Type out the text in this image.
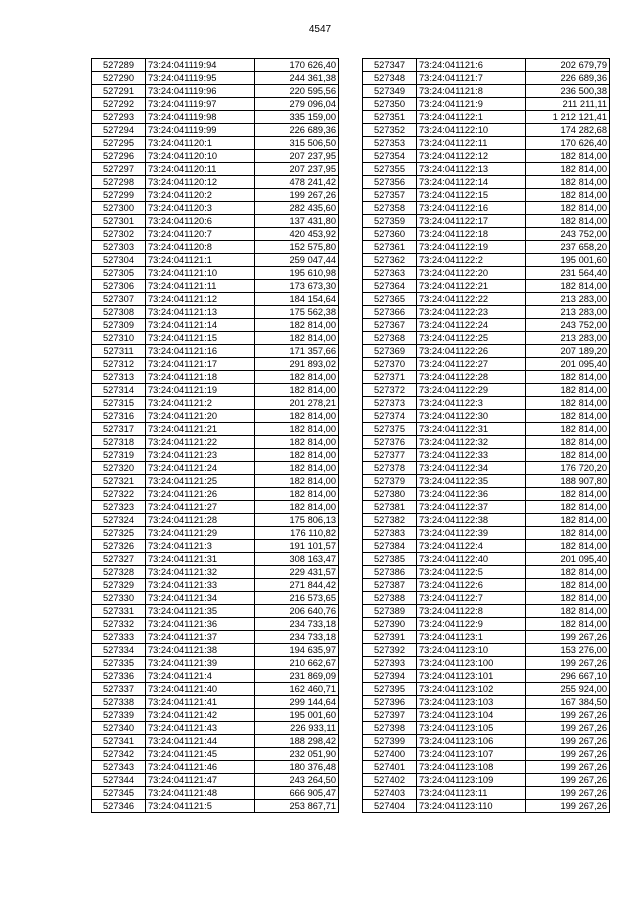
4547
527289	73:24:041119:94	170 626,40
527290	73:24:041119:95	244 361,38
527291	73:24:041119:96	220 595,56
527292	73:24:041119:97	279 096,04
527293	73:24:041119:98	335 159,00
527294	73:24:041119:99	226 689,36
527295	73:24:041120:1	315 506,50
527296	73:24:041120:10	207 237,95
527297	73:24:041120:11	207 237,95
527298	73:24:041120:12	478 241,42
527299	73:24:041120:2	199 267,26
527300	73:24:041120:3	282 435,60
527301	73:24:041120:6	137 431,80
527302	73:24:041120:7	420 453,92
527303	73:24:041120:8	152 575,80
527304	73:24:041121:1	259 047,44
527305	73:24:041121:10	195 610,98
527306	73:24:041121:11	173 673,30
527307	73:24:041121:12	184 154,64
527308	73:24:041121:13	175 562,38
527309	73:24:041121:14	182 814,00
527310	73:24:041121:15	182 814,00
527311	73:24:041121:16	171 357,66
527312	73:24:041121:17	291 893,02
527313	73:24:041121:18	182 814,00
527314	73:24:041121:19	182 814,00
527315	73:24:041121:2	201 278,21
527316	73:24:041121:20	182 814,00
527317	73:24:041121:21	182 814,00
527318	73:24:041121:22	182 814,00
527319	73:24:041121:23	182 814,00
527320	73:24:041121:24	182 814,00
527321	73:24:041121:25	182 814,00
527322	73:24:041121:26	182 814,00
527323	73:24:041121:27	182 814,00
527324	73:24:041121:28	175 806,13
527325	73:24:041121:29	176 110,82
527326	73:24:041121:3	191 101,57
527327	73:24:041121:31	308 163,47
527328	73:24:041121:32	229 431,57
527329	73:24:041121:33	271 844,42
527330	73:24:041121:34	216 573,65
527331	73:24:041121:35	206 640,76
527332	73:24:041121:36	234 733,18
527333	73:24:041121:37	234 733,18
527334	73:24:041121:38	194 635,97
527335	73:24:041121:39	210 662,67
527336	73:24:041121:4	231 869,09
527337	73:24:041121:40	162 460,71
527338	73:24:041121:41	299 144,64
527339	73:24:041121:42	195 001,60
527340	73:24:041121:43	226 933,11
527341	73:24:041121:44	188 298,42
527342	73:24:041121:45	232 051,90
527343	73:24:041121:46	180 376,48
527344	73:24:041121:47	243 264,50
527345	73:24:041121:48	666 905,47
527346	73:24:041121:5	253 867,71
527347	73:24:041121:6	202 679,79
527348	73:24:041121:7	226 689,36
527349	73:24:041121:8	236 500,38
527350	73:24:041121:9	211 211,11
527351	73:24:041122:1	1 212 121,41
527352	73:24:041122:10	174 282,68
527353	73:24:041122:11	170 626,40
527354	73:24:041122:12	182 814,00
527355	73:24:041122:13	182 814,00
527356	73:24:041122:14	182 814,00
527357	73:24:041122:15	182 814,00
527358	73:24:041122:16	182 814,00
527359	73:24:041122:17	182 814,00
527360	73:24:041122:18	243 752,00
527361	73:24:041122:19	237 658,20
527362	73:24:041122:2	195 001,60
527363	73:24:041122:20	231 564,40
527364	73:24:041122:21	182 814,00
527365	73:24:041122:22	213 283,00
527366	73:24:041122:23	213 283,00
527367	73:24:041122:24	243 752,00
527368	73:24:041122:25	213 283,00
527369	73:24:041122:26	207 189,20
527370	73:24:041122:27	201 095,40
527371	73:24:041122:28	182 814,00
527372	73:24:041122:29	182 814,00
527373	73:24:041122:3	182 814,00
527374	73:24:041122:30	182 814,00
527375	73:24:041122:31	182 814,00
527376	73:24:041122:32	182 814,00
527377	73:24:041122:33	182 814,00
527378	73:24:041122:34	176 720,20
527379	73:24:041122:35	188 907,80
527380	73:24:041122:36	182 814,00
527381	73:24:041122:37	182 814,00
527382	73:24:041122:38	182 814,00
527383	73:24:041122:39	182 814,00
527384	73:24:041122:4	182 814,00
527385	73:24:041122:40	201 095,40
527386	73:24:041122:5	182 814,00
527387	73:24:041122:6	182 814,00
527388	73:24:041122:7	182 814,00
527389	73:24:041122:8	182 814,00
527390	73:24:041122:9	182 814,00
527391	73:24:041123:1	199 267,26
527392	73:24:041123:10	153 276,00
527393	73:24:041123:100	199 267,26
527394	73:24:041123:101	296 667,10
527395	73:24:041123:102	255 924,00
527396	73:24:041123:103	167 384,50
527397	73:24:041123:104	199 267,26
527398	73:24:041123:105	199 267,26
527399	73:24:041123:106	199 267,26
527400	73:24:041123:107	199 267,26
527401	73:24:041123:108	199 267,26
527402	73:24:041123:109	199 267,26
527403	73:24:041123:11	199 267,26
527404	73:24:041123:110	199 267,26
